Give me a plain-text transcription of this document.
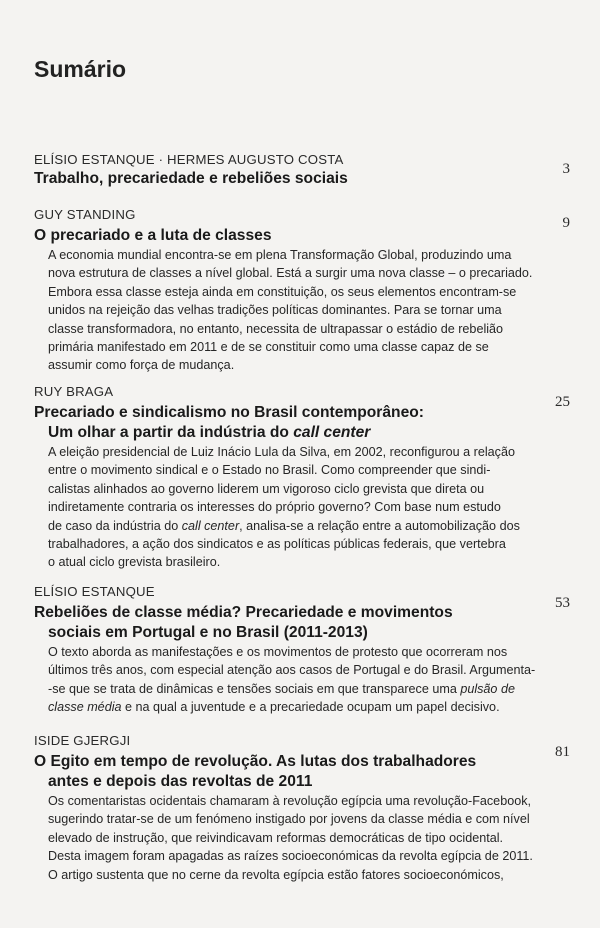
Sumário
ELÍSIO ESTANQUE · HERMES AUGUSTO COSTA
Trabalho, precariedade e rebeliões sociais
3
GUY STANDING
O precariado e a luta de classes
A economia mundial encontra-se em plena Transformação Global, produzindo uma
nova estrutura de classes a nível global. Está a surgir uma nova classe – o precariado.
Embora essa classe esteja ainda em constituição, os seus elementos encontram-se
unidos na rejeição das velhas tradições políticas dominantes. Para se tornar uma
classe transformadora, no entanto, necessita de ultrapassar o estádio de rebelião
primária manifestado em 2011 e de se constituir como uma classe capaz de se
assumir como força de mudança.
9
RUY BRAGA
Precariado e sindicalismo no Brasil contemporâneo:
Um olhar a partir da indústria do call center
A eleição presidencial de Luiz Inácio Lula da Silva, em 2002, reconfigurou a relação
entre o movimento sindical e o Estado no Brasil. Como compreender que sindi-
calistas alinhados ao governo liderem um vigoroso ciclo grevista que direta ou
indiretamente contraria os interesses do próprio governo? Com base num estudo
de caso da indústria do call center, analisa-se a relação entre a automobilização dos
trabalhadores, a ação dos sindicatos e as políticas públicas federais, que vertebra
o atual ciclo grevista brasileiro.
25
ELÍSIO ESTANQUE
Rebeliões de classe média? Precariedade e movimentos
sociais em Portugal e no Brasil (2011-2013)
O texto aborda as manifestações e os movimentos de protesto que ocorreram nos
últimos três anos, com especial atenção aos casos de Portugal e do Brasil. Argumenta-
-se que se trata de dinâmicas e tensões sociais em que transparece uma pulsão de
classe média e na qual a juventude e a precariedade ocupam um papel decisivo.
53
ISIDE GJERGJI
O Egito em tempo de revolução. As lutas dos trabalhadores
antes e depois das revoltas de 2011
Os comentaristas ocidentais chamaram à revolução egípcia uma revolução-Facebook,
sugerindo tratar-se de um fenómeno instigado por jovens da classe média e com nível
elevado de instrução, que reivindicavam reformas democráticas de tipo ocidental.
Desta imagem foram apagadas as raízes socioeconómicas da revolta egípcia de 2011.
O artigo sustenta que no cerne da revolta egípcia estão fatores socioeconómicos,
81
